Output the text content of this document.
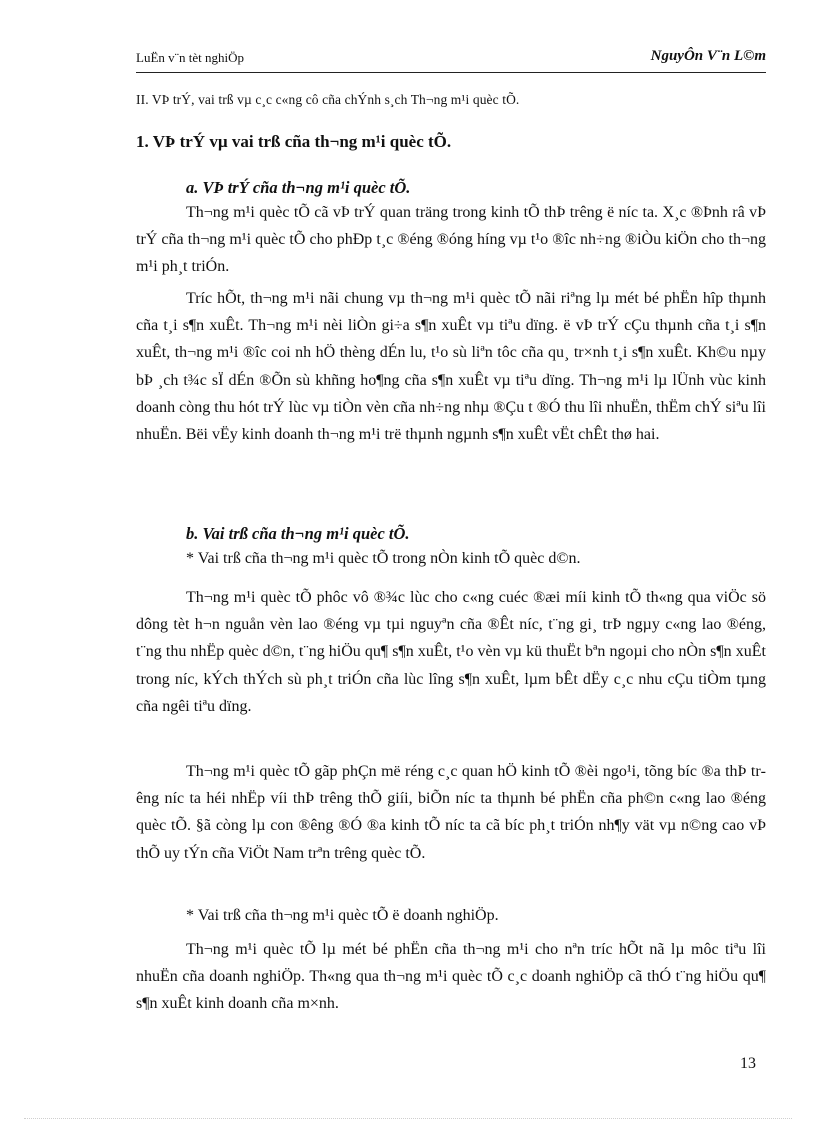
LuËn v¨n tèt nghiÖp	NguyÔn V¨n L©m
II. VÞ trÝ, vai trß vµ c¸c c«ng cô cña chÝnh s¸ch Th¬ng m¹i quèc tÕ.
1. VÞ trÝ vµ vai trß cña th¬ng m¹i quèc tÕ.
a. VÞ trÝ cña th¬ng m¹i quèc tÕ.

Th¬ng m¹i quèc tÕ cã vÞ trÝ quan träng trong kinh tÕ thÞ trêng ë níc ta. X¸c ®Þnh râ vÞ trÝ cña th¬ng m¹i quèc tÕ cho phÐp t¸c ®éng ®óng híng vµ t¹o ®îc nh÷ng ®iÒu kiÖn cho th¬ng m¹i ph¸t triÓn.

Tríc hÕt, th¬ng m¹i nãi chung vµ th¬ng m¹i quèc tÕ nãi riªng lµ mét bé phËn hîp thµnh cña t¸i s¶n xuÊt. Th¬ng m¹i nèi liÒn gi÷a s¶n xuÊt vµ tiªu dïng. ë vÞ trÝ cÇu thµnh cña t¸i s¶n xuÊt, th¬ng m¹i ®îc coi nh hÖ thèng dÉn lu, t¹o sù liªn tôc cña qu¸ tr×nh t¸i s¶n xuÊt. Kh©u nµy bÞ ¸ch t¾c sÏ dÉn ®Õn sù khñng ho¶ng cña s¶n xuÊt vµ tiªu dïng. Th¬ng m¹i lµ lÜnh vùc kinh doanh còng thu hót trÝ lùc vµ tiÒn vèn cña nh÷ng nhµ ®Çu t ®Ó thu lîi nhuËn, thËm chÝ siªu lîi nhuËn. Bëi vËy kinh doanh th¬ng m¹i trë thµnh ngµnh s¶n xuÊt vËt chÊt thø hai.

b. Vai trß cña th¬ng m¹i quèc tÕ.

* Vai trß cña th¬ng m¹i quèc tÕ trong nÒn kinh tÕ quèc d©n.

Th¬ng m¹i quèc tÕ phôc vô ®¾c lùc cho c«ng cuéc ®æi míi kinh tÕ th«ng qua viÖc sö dông tèt h¬n nguån vèn lao ®éng vµ tµi nguyªn cña ®Êt níc, t¨ng gi¸ trÞ ngµy c«ng lao ®éng, t¨ng thu nhËp quèc d©n, t¨ng hiÖu qu¶ s¶n xuÊt, t¹o vèn vµ kü thuËt bªn ngoµi cho nÒn s¶n xuÊt trong níc, kÝch thÝch sù ph¸t triÓn cña lùc lîng s¶n xuÊt, lµm bÊt dËy c¸c nhu cÇu tiÒm tµng cña ngêi tiªu dïng.

Th¬ng m¹i quèc tÕ gãp phÇn më réng c¸c quan hÖ kinh tÕ ®èi ngo¹i, tõng bíc ®a thÞ trêng níc ta héi nhËp víi thÞ trêng thÕ giíi, biÕn níc ta thµnh bé phËn cña ph©n c«ng lao ®éng quèc tÕ. §ã còng lµ con ®êng ®Ó ®a kinh tÕ níc ta cã bíc ph¸t triÓn nh¶y vät vµ n©ng cao vÞ thÕ uy tÝn cña ViÖt Nam trªn trêng quèc tÕ.

* Vai trß cña th¬ng m¹i quèc tÕ ë doanh nghiÖp.

Th¬ng m¹i quèc tÕ lµ mét bé phËn cña th¬ng m¹i cho nªn tríc hÕt nã lµ môc tiªu lîi nhuËn cña doanh nghiÖp. Th«ng qua th¬ng m¹i quèc tÕ c¸c doanh nghiÖp cã thÓ t¨ng hiÖu qu¶ s¶n xuÊt kinh doanh cña m×nh.

13
